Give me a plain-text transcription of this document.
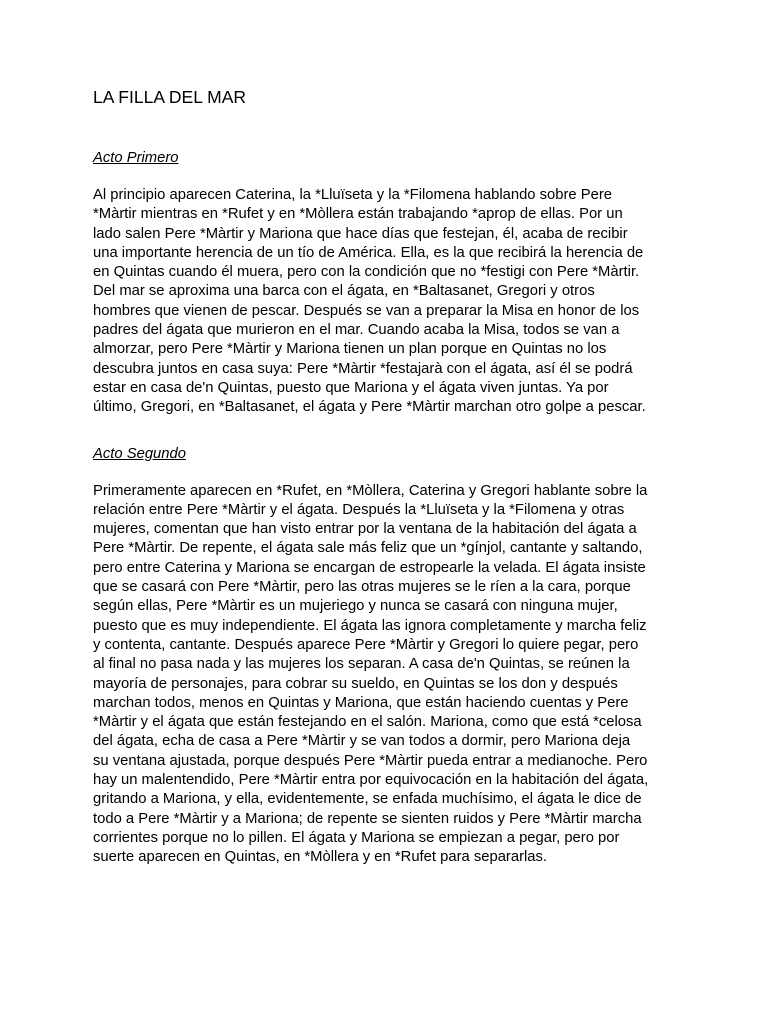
LA FILLA DEL MAR
Acto Primero

Al principio aparecen Caterina, la *Lluïseta y la *Filomena hablando sobre Pere
*Màrtir mientras en *Rufet y en *Mòllera están trabajando *aprop de ellas. Por un
lado salen Pere *Màrtir y Mariona que hace días que festejan, él, acaba de recibir
una importante herencia de un tío de América. Ella, es la que recibirá la herencia de
en Quintas cuando él muera, pero con la condición que no *festigi con Pere *Màrtir.
Del mar se aproxima una barca con el ágata, en *Baltasanet, Gregori y otros
hombres que vienen de pescar. Después se van a preparar la Misa en honor de los
padres del ágata que murieron en el mar. Cuando acaba la Misa, todos se van a
almorzar, pero Pere *Màrtir y Mariona tienen un plan porque en Quintas no los
descubra juntos en casa suya: Pere *Màrtir *festajarà con el ágata, así él se podrá
estar en casa de'n Quintas, puesto que Mariona y el ágata viven juntas. Ya por
último, Gregori, en *Baltasanet, el ágata y Pere *Màrtir marchan otro golpe a pescar.

Acto Segundo

Primeramente aparecen en *Rufet, en *Mòllera, Caterina y Gregori hablante sobre la
relación entre Pere *Màrtir y el ágata. Después la *Lluïseta y la *Filomena y otras
mujeres, comentan que han visto entrar por la ventana de la habitación del ágata a
Pere *Màrtir. De repente, el ágata sale más feliz que un *gínjol, cantante y saltando,
pero entre Caterina y Mariona se encargan de estropearle la velada. El ágata insiste
que se casará con Pere *Màrtir, pero las otras mujeres se le ríen a la cara, porque
según ellas, Pere *Màrtir es un mujeriego y nunca se casará con ninguna mujer,
puesto que es muy independiente. El ágata las ignora completamente y marcha feliz
y contenta, cantante. Después aparece Pere *Màrtir y Gregori lo quiere pegar, pero
al final no pasa nada y las mujeres los separan. A casa de'n Quintas, se reúnen la
mayoría de personajes, para cobrar su sueldo, en Quintas se los don y después
marchan todos, menos en Quintas y Mariona, que están haciendo cuentas y Pere
*Màrtir y el ágata que están festejando en el salón. Mariona, como que está *celosa
del ágata, echa de casa a Pere *Màrtir y se van todos a dormir, pero Mariona deja
su ventana ajustada, porque después Pere *Màrtir pueda entrar a medianoche. Pero
hay un malentendido, Pere *Màrtir entra por equivocación en la habitación del ágata,
gritando a Mariona, y ella, evidentemente, se enfada muchísimo, el ágata le dice de
todo a Pere *Màrtir y a Mariona; de repente se sienten ruidos y Pere *Màrtir marcha
corrientes porque no lo pillen. El ágata y Mariona se empiezan a pegar, pero por
suerte aparecen en Quintas, en *Mòllera y en *Rufet para separarlas.
